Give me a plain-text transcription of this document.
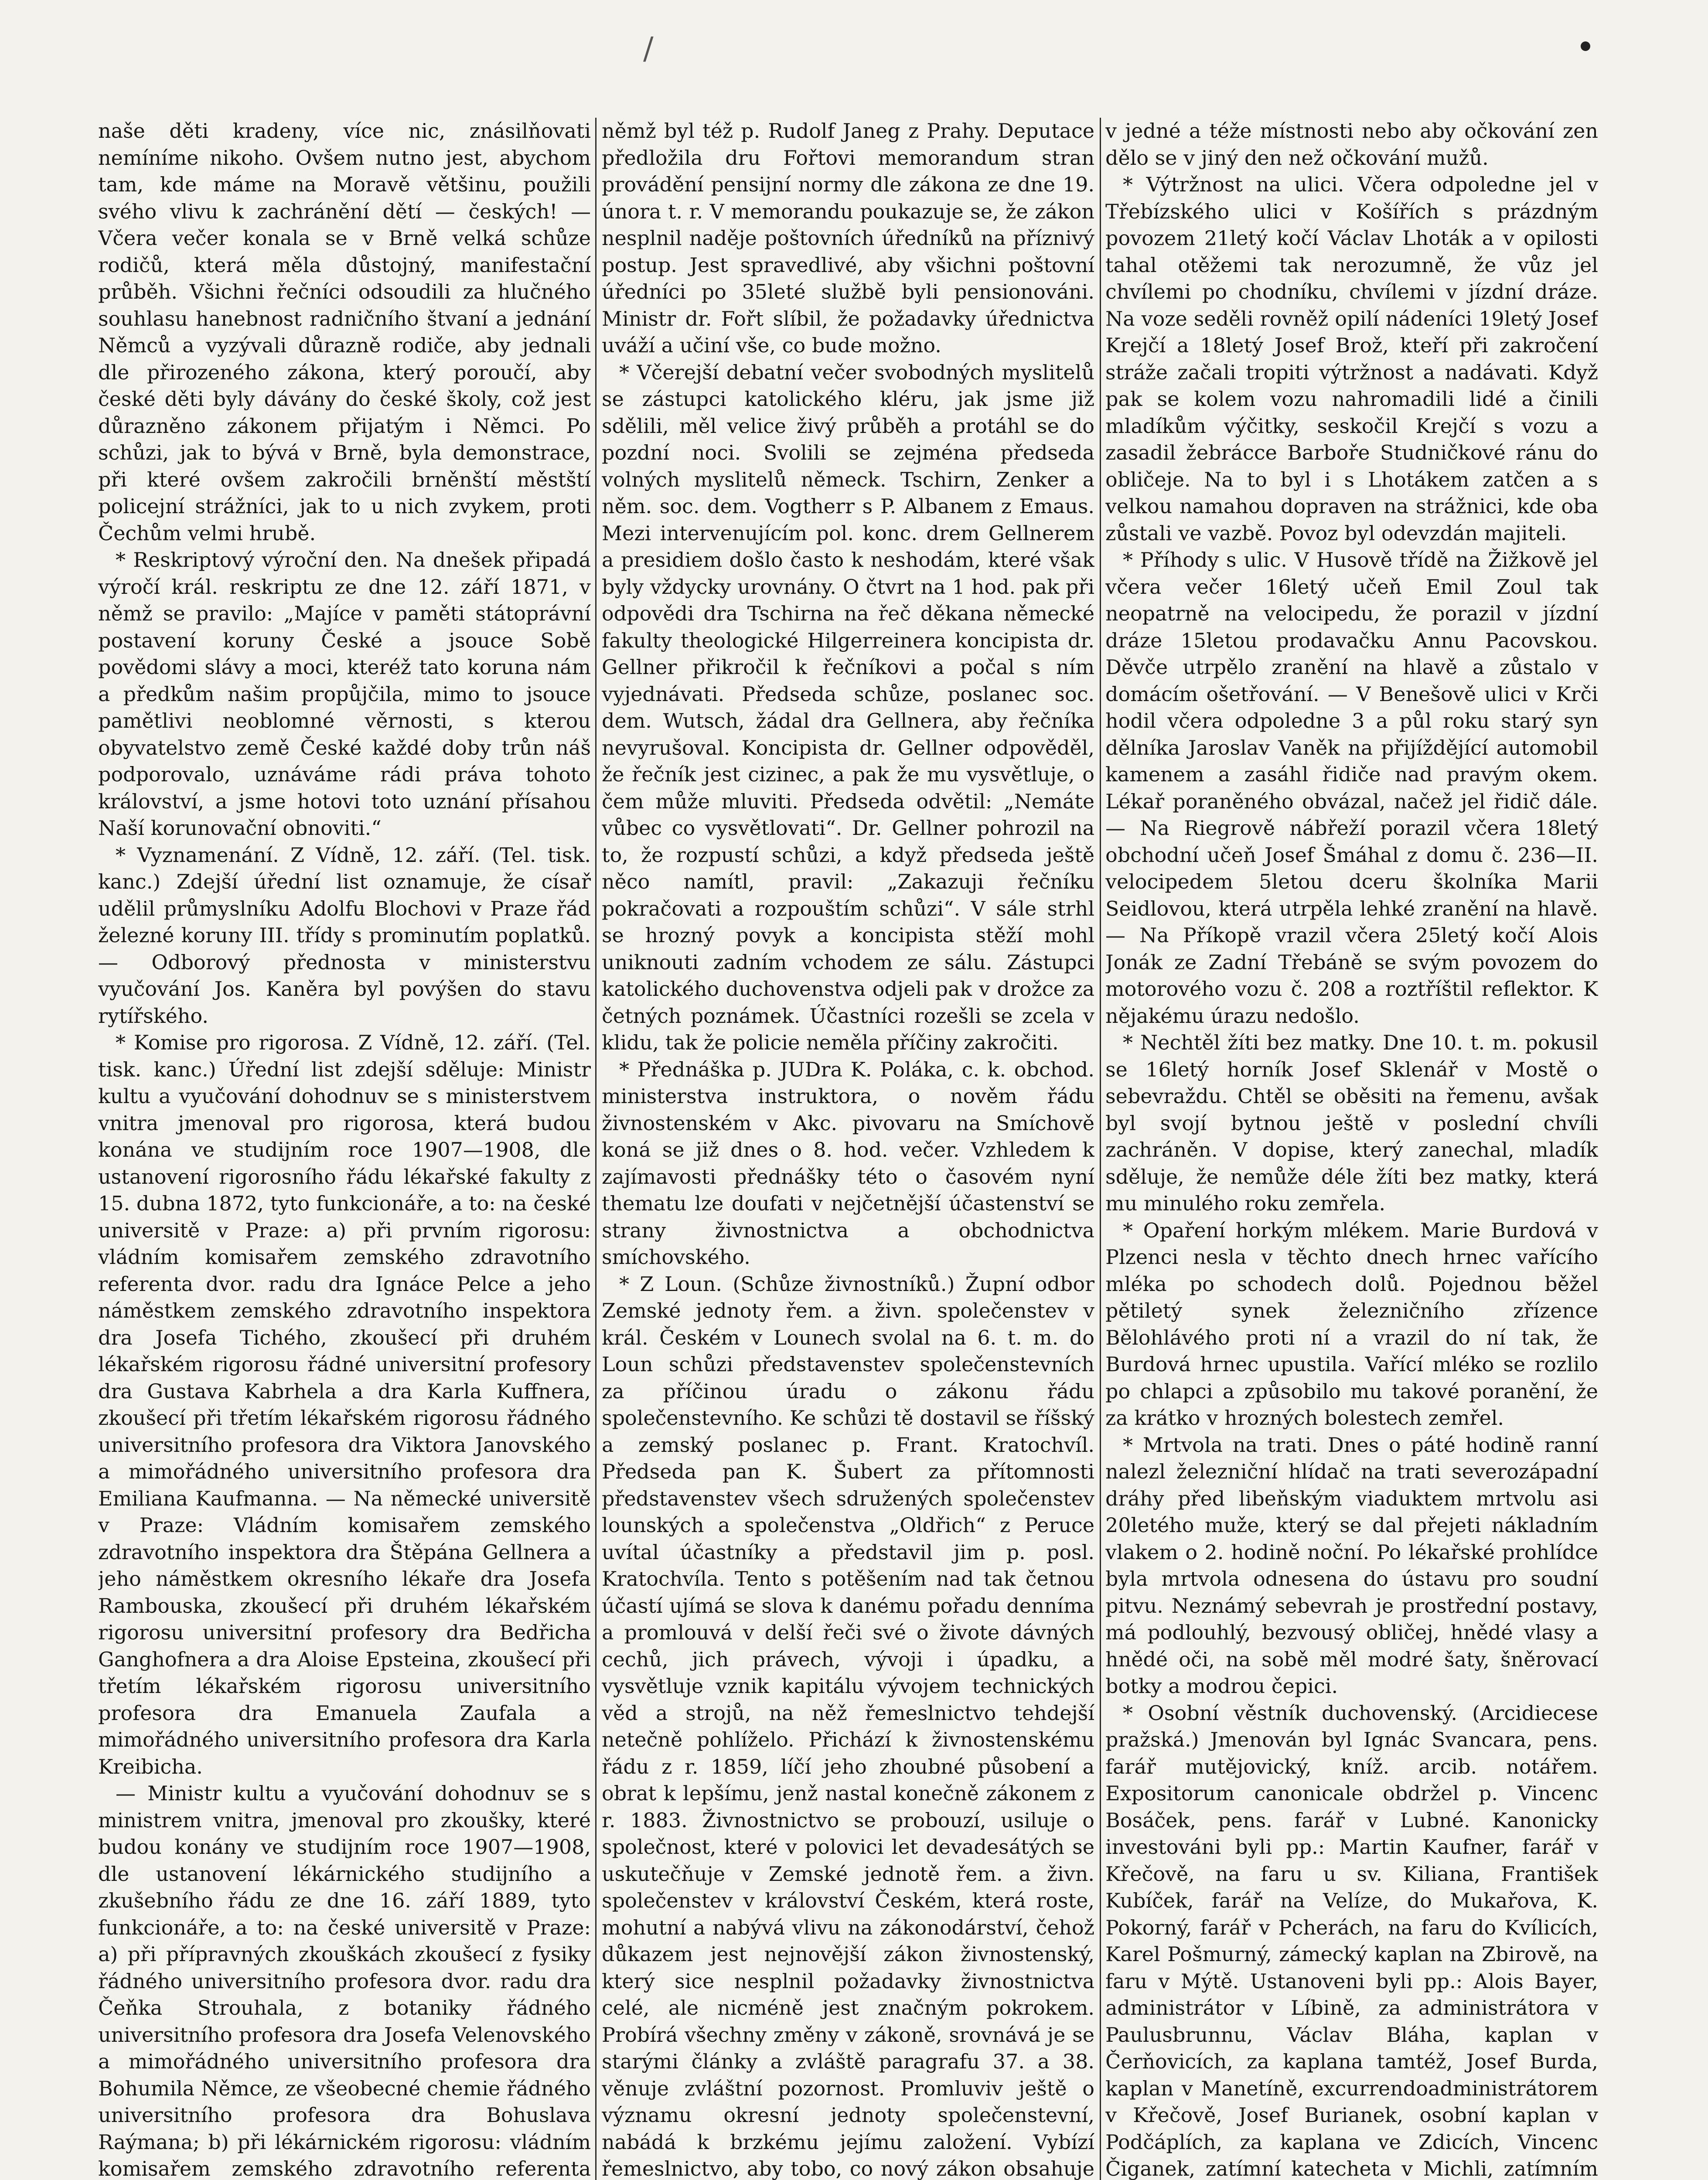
/

naše děti kradeny, více nic, znásilňovati nemíníme nikoho. Ovšem nutno jest, abychom tam, kde máme na Moravě většinu, použili svého vlivu k zachránění dětí — českých! — Včera večer konala se v Brně velká schůze rodičů, která měla důstojný, manifestační průběh. Všichni řečníci odsoudili za hlučného souhlasu hanebnost radničního štvaní a jednání Němců a vyzývali důrazně rodiče, aby jednali dle přirozeného zákona, který poroučí, aby české děti byly dávány do české školy, což jest důrazněno zákonem přijatým i Němci. Po schůzi, jak to bývá v Brně, byla demonstrace, při které ovšem zakročili brněnští městští policejní strážníci, jak to u nich zvykem, proti Čechům velmi hrubě.

* Reskriptový výroční den. Na dnešek připadá výročí král. reskriptu ze dne 12. září 1871, v němž se pravilo: „Majíce v paměti státoprávní postavení koruny České a jsouce Sobě povědomi slávy a moci, kteréž tato koruna nám a předkům našim propůjčila, mimo to jsouce pamětlivi neoblomné věrnosti, s kterou obyvatelstvo země České každé doby trůn náš podporovalo, uznáváme rádi práva tohoto království, a jsme hotovi toto uznání přísahou Naší korunovační obnoviti.“

* Vyznamenání. Z Vídně, 12. září. (Tel. tisk. kanc.) Zdejší úřední list oznamuje, že císař udělil průmyslníku Adolfu Blochovi v Praze řád železné koruny III. třídy s prominutím poplatků. — Odborový přednosta v ministerstvu vyučování Jos. Kaněra byl povýšen do stavu rytířského.

* Komise pro rigorosa. Z Vídně, 12. září. (Tel. tisk. kanc.) Úřední list zdejší sděluje: Ministr kultu a vyučování dohodnuv se s ministerstvem vnitra jmenoval pro rigorosa, která budou konána ve studijním roce 1907—1908, dle ustanovení rigorosního řádu lékařské fakulty z 15. dubna 1872, tyto funkcionáře, a to: na české universitě v Praze: a) při prvním rigorosu: vládním komisařem zemského zdravotního referenta dvor. radu dra Ignáce Pelce a jeho náměstkem zemského zdravotního inspektora dra Josefa Tichého, zkoušecí při druhém lékařském rigorosu řádné universitní profesory dra Gustava Kabrhela a dra Karla Kuffnera, zkoušecí při třetím lékařském rigorosu řádného universitního profesora dra Viktora Janovského a mimořádného universitního profesora dra Emiliana Kaufmanna. — Na německé universitě v Praze: Vládním komisařem zemského zdravotního inspektora dra Štěpána Gellnera a jeho náměstkem okresního lékaře dra Josefa Rambouska, zkoušecí při druhém lékařském rigorosu universitní profesory dra Bedřicha Ganghofnera a dra Aloise Epsteina, zkoušecí při třetím lékařském rigorosu universitního profesora dra Emanuela Zaufala a mimořádného universitního profesora dra Karla Kreibicha.

— Ministr kultu a vyučování dohodnuv se s ministrem vnitra, jmenoval pro zkoušky, které budou konány ve studijním roce 1907—1908, dle ustanovení lékárnického studijního a zkušebního řádu ze dne 16. září 1889, tyto funkcionáře, a to: na české universitě v Praze: a) při přípravných zkouškách zkoušecí z fysiky řádného universitního profesora dvor. radu dra Čeňka Strouhala, z botaniky řádného universitního profesora dra Josefa Velenovského a mimořádného universitního profesora dra Bohumila Němce, ze všeobecné chemie řádného universitního profesora dra Bohuslava Raýmana; b) při lékárnickém rigorosu: vládním komisařem zemského zdravotního referenta

němž byl též p. Rudolf Janeg z Prahy. Deputace předložila dru Fořtovi memorandum stran provádění pensijní normy dle zákona ze dne 19. února t. r. V memorandu poukazuje se, že zákon nesplnil naděje poštovních úředníků na příznivý postup. Jest spravedlivé, aby všichni poštovní úředníci po 35leté službě byli pensionováni. Ministr dr. Fořt slíbil, že požadavky úřednictva uváží a učiní vše, co bude možno.

* Včerejší debatní večer svobodných myslitelů se zástupci katolického kléru, jak jsme již sdělili, měl velice živý průběh a protáhl se do pozdní noci. Svolili se zejména předseda volných myslitelů německ. Tschirn, Zenker a něm. soc. dem. Vogtherr s P. Albanem z Emaus. Mezi intervenujícím pol. konc. drem Gellnerem a presidiem došlo často k neshodám, které však byly vždycky urovnány. O čtvrt na 1 hod. pak při odpovědi dra Tschirna na řeč děkana německé fakulty theologické Hilgerreinera koncipista dr. Gellner přikročil k řečníkovi a počal s ním vyjednávati. Předseda schůze, poslanec soc. dem. Wutsch, žádal dra Gellnera, aby řečníka nevyrušoval. Koncipista dr. Gellner odpověděl, že řečník jest cizinec, a pak že mu vysvětluje, o čem může mluviti. Předseda odvětil: „Nemáte vůbec co vysvětlovati“. Dr. Gellner pohrozil na to, že rozpustí schůzi, a když předseda ještě něco namítl, pravil: „Zakazuji řečníku pokračovati a rozpouštím schůzi“. V sále strhl se hrozný povyk a koncipista stěží mohl uniknouti zadním vchodem ze sálu. Zástupci katolického duchovenstva odjeli pak v drožce za četných poznámek. Účastníci rozešli se zcela v klidu, tak že policie neměla příčiny zakročiti.

* Přednáška p. JUDra K. Poláka, c. k. obchod. ministerstva instruktora, o nověm řádu živnostenském v Akc. pivovaru na Smíchově koná se již dnes o 8. hod. večer. Vzhledem k zajímavosti přednášky této o časovém nyní thematu lze doufati v nejčetnější účastenství se strany živnostnictva a obchodnictva smíchovského.

* Z Loun. (Schůze živnostníků.) Župní odbor Zemské jednoty řem. a živn. společenstev v král. Českém v Lounech svolal na 6. t. m. do Loun schůzi představenstev společenstevních za příčinou úradu o zákonu řádu společenstevního. Ke schůzi tě dostavil se říšský a zemský poslanec p. Frant. Kratochvíl. Předseda pan K. Šubert za přítomnosti představenstev všech sdružených společenstev lounských a společenstva „Oldřich“ z Peruce uvítal účastníky a představil jim p. posl. Kratochvíla. Tento s potěšením nad tak četnou účastí ujímá se slova k danému pořadu denníma a promlouvá v delší řeči své o živote dávných cechů, jich právech, vývoji i úpadku, a vysvětluje vznik kapitálu vývojem technických věd a strojů, na něž řemeslnictvo tehdejší netečně pohlíželo. Přichází k živnostenskému řádu z r. 1859, líčí jeho zhoubné působení a obrat k lepšímu, jenž nastal konečně zákonem z r. 1883. Živnostnictvo se probouzí, usiluje o společnost, které v polovici let devadesátých se uskutečňuje v Zemské jednotě řem. a živn. společenstev v království Českém, která roste, mohutní a nabývá vlivu na zákonodárství, čehož důkazem jest nejnovější zákon živnostenský, který sice nesplnil požadavky živnostnictva celé, ale nicméně jest značným pokrokem. Probírá všechny změny v zákoně, srovnává je se starými články a zvláště paragrafu 37. a 38. věnuje zvláštní pozornost. Promluviv ještě o významu okresní jednoty společenstevní, nabádá k brzkému jejímu založení. Vybízí řemeslnictvo, aby tobo, co nový zákon obsahuje

v jedné a téže místnosti nebo aby očkování zen dělo se v jiný den než očkování mužů.

* Výtržnost na ulici. Včera odpoledne jel v Třebízského ulici v Košířích s prázdným povozem 21letý kočí Václav Lhoták a v opilosti tahal otěžemi tak nerozumně, že vůz jel chvílemi po chodníku, chvílemi v jízdní dráze. Na voze seděli rovněž opilí nádeníci 19letý Josef Krejčí a 18letý Josef Brož, kteří při zakročení stráže začali tropiti výtržnost a nadávati. Když pak se kolem vozu nahromadili lidé a činili mladíkům výčitky, seskočil Krejčí s vozu a zasadil žebrácce Barboře Studničkové ránu do obličeje. Na to byl i s Lhotákem zatčen a s velkou namahou dopraven na strážnici, kde oba zůstali ve vazbě. Povoz byl odevzdán majiteli.

* Příhody s ulic. V Husově třídě na Žižkově jel včera večer 16letý učeň Emil Zoul tak neopatrně na velocipedu, že porazil v jízdní dráze 15letou prodavačku Annu Pacovskou. Děvče utrpělo zranění na hlavě a zůstalo v domácím ošetřování. — V Benešově ulici v Krči hodil včera odpoledne 3 a půl roku starý syn dělníka Jaroslav Vaněk na přijíždějící automobil kamenem a zasáhl řidiče nad pravým okem. Lékař poraněného obvázal, načež jel řidič dále. — Na Riegrově nábřeží porazil včera 18letý obchodní učeň Josef Šmáhal z domu č. 236—II. velocipedem 5letou dceru školníka Marii Seidlovou, která utrpěla lehké zranění na hlavě. — Na Příkopě vrazil včera 25letý kočí Alois Jonák ze Zadní Třebáně se svým povozem do motorového vozu č. 208 a roztříštil reflektor. K nějakému úrazu nedošlo.

* Nechtěl žíti bez matky. Dne 10. t. m. pokusil se 16letý horník Josef Sklenář v Mostě o sebevraždu. Chtěl se oběsiti na řemenu, avšak byl svojí bytnou ještě v poslední chvíli zachráněn. V dopise, který zanechal, mladík sděluje, že nemůže déle žíti bez matky, která mu minulého roku zemřela.

* Opaření horkým mlékem. Marie Burdová v Plzenci nesla v těchto dnech hrnec vařícího mléka po schodech dolů. Pojednou běžel pětiletý synek železničního zřízence Bělohlávého proti ní a vrazil do ní tak, že Burdová hrnec upustila. Vařící mléko se rozlilo po chlapci a způsobilo mu takové poranění, že za krátko v hrozných bolestech zemřel.

* Mrtvola na trati. Dnes o páté hodině ranní nalezl železniční hlídač na trati severozápadní dráhy před libeňským viaduktem mrtvolu asi 20letého muže, který se dal přejeti nákladním vlakem o 2. hodině noční. Po lékařské prohlídce byla mrtvola odnesena do ústavu pro soudní pitvu. Neznámý sebevrah je prostřední postavy, má podlouhlý, bezvousý obličej, hnědé vlasy a hnědé oči, na sobě měl modré šaty, šněrovací botky a modrou čepici.

* Osobní věstník duchovenský. (Arcidiecese pražská.) Jmenován byl Ignác Svancara, pens. farář mutějovický, kníž. arcib. notářem. Expositorum canonicale obdržel p. Vincenc Bosáček, pens. farář v Lubné. Kanonicky investováni byli pp.: Martin Kaufner, farář v Křečově, na faru u sv. Kiliana, František Kubíček, farář na Velíze, do Mukařova, K. Pokorný, farář v Pcherách, na faru do Kvílicích, Karel Pošmurný, zámecký kaplan na Zbirově, na faru v Mýtě. Ustanoveni byli pp.: Alois Bayer, administrátor v Líbině, za administrátora v Paulusbrunnu, Václav Bláha, kaplan v Čerňovicích, za kaplana tamtéž, Josef Burda, kaplan v Manetíně, excurrendoadministrátorem v Křečově, Josef Burianek, osobní kaplan v Podčáplích, za kaplana ve Zdicích, Vincenc Čiganek, zatímní katecheta v Michli, zatímním
